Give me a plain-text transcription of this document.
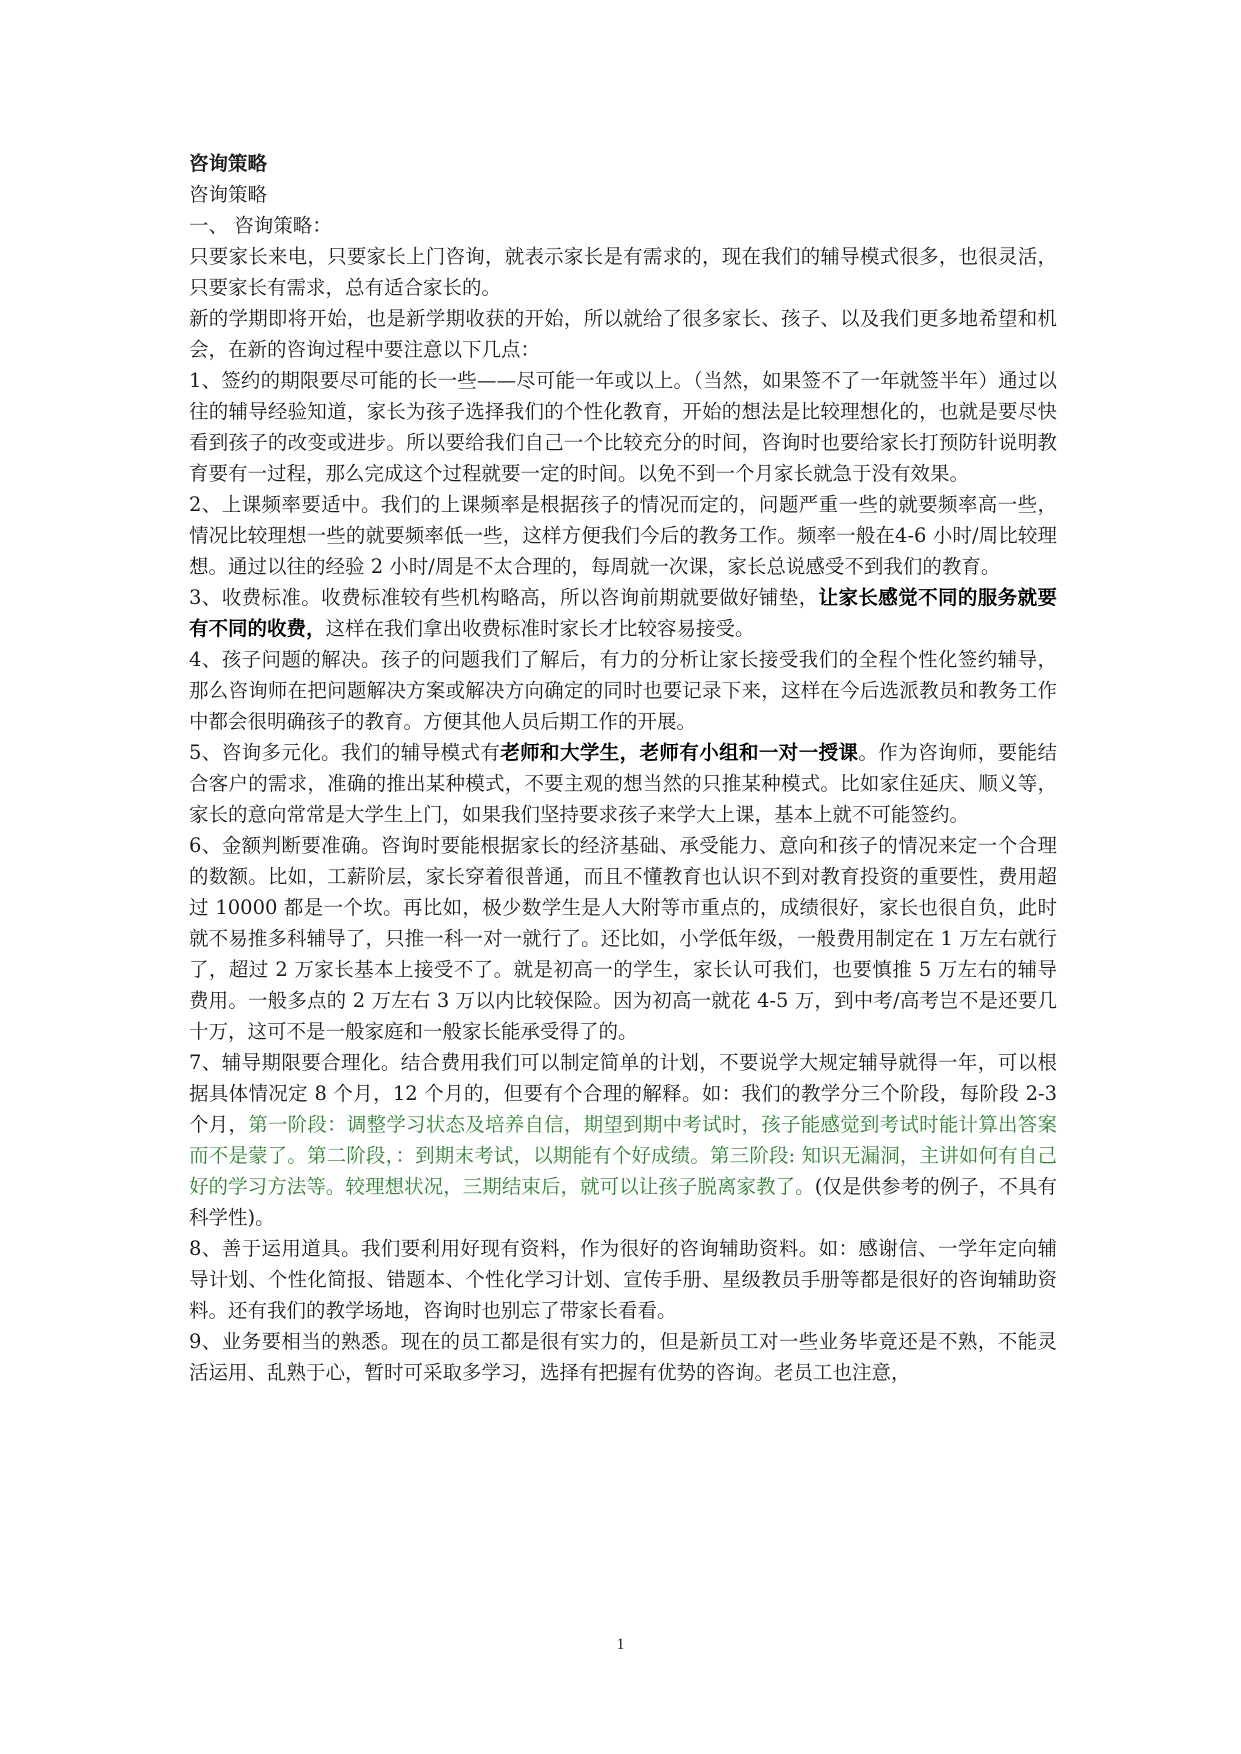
咨询策略

咨询策略

一、 咨询策略：

只要家长来电，只要家长上门咨询，就表示家长是有需求的，现在我们的辅导模式很多，也很灵活，只要家长有需求，总有适合家长的。

新的学期即将开始，也是新学期收获的开始，所以就给了很多家长、孩子、以及我们更多地希望和机会，在新的咨询过程中要注意以下几点：

1、签约的期限要尽可能的长一些——尽可能一年或以上。（当然，如果签不了一年就签半年）通过以往的辅导经验知道，家长为孩子选择我们的个性化教育，开始的想法是比较理想化的，也就是要尽快看到孩子的改变或进步。所以要给我们自己一个比较充分的时间，咨询时也要给家长打预防针说明教育要有一过程，那么完成这个过程就要一定的时间。以免不到一个月家长就急于没有效果。

2、上课频率要适中。我们的上课频率是根据孩子的情况而定的，问题严重一些的就要频率高一些，情况比较理想一些的就要频率低一些，这样方便我们今后的教务工作。频率一般在4-6 小时/周比较理想。通过以往的经验 2 小时/周是不太合理的，每周就一次课，家长总说感受不到我们的教育。

3、收费标准。收费标准较有些机构略高，所以咨询前期就要做好铺垫，让家长感觉不同的服务就要有不同的收费，这样在我们拿出收费标准时家长才比较容易接受。

4、孩子问题的解决。孩子的问题我们了解后，有力的分析让家长接受我们的全程个性化签约辅导，那么咨询师在把问题解决方案或解决方向确定的同时也要记录下来，这样在今后选派教员和教务工作中都会很明确孩子的教育。方便其他人员后期工作的开展。

5、咨询多元化。我们的辅导模式有老师和大学生，老师有小组和一对一授课。作为咨询师，要能结合客户的需求，准确的推出某种模式，不要主观的想当然的只推某种模式。比如家住延庆、顺义等，家长的意向常常是大学生上门，如果我们坚持要求孩子来学大上课，基本上就不可能签约。

6、金额判断要准确。咨询时要能根据家长的经济基础、承受能力、意向和孩子的情况来定一个合理的数额。比如，工薪阶层，家长穿着很普通，而且不懂教育也认识不到对教育投资的重要性，费用超过 10000 都是一个坎。再比如，极少数学生是人大附等市重点的，成绩很好，家长也很自负，此时就不易推多科辅导了，只推一科一对一就行了。还比如，小学低年级，一般费用制定在 1 万左右就行了，超过 2 万家长基本上接受不了。就是初高一的学生，家长认可我们，也要慎推 5 万左右的辅导费用。一般多点的 2 万左右 3 万以内比较保险。因为初高一就花 4-5 万，到中考/高考岂不是还要几十万，这可不是一般家庭和一般家长能承受得了的。

7、辅导期限要合理化。结合费用我们可以制定简单的计划，不要说学大规定辅导就得一年，可以根据具体情况定 8 个月，12 个月的，但要有个合理的解释。如：我们的教学分三个阶段，每阶段 2-3 个月，第一阶段：调整学习状态及培养自信，期望到期中考试时，孩子能感觉到考试时能计算出答案而不是蒙了。第二阶段，：到期末考试，以期能有个好成绩。第三阶段: 知识无漏洞，主讲如何有自己好的学习方法等。较理想状况，三期结束后，就可以让孩子脱离家教了。(仅是供参考的例子，不具有科学性)。

8、善于运用道具。我们要利用好现有资料，作为很好的咨询辅助资料。如：感谢信、一学年定向辅导计划、个性化简报、错题本、个性化学习计划、宣传手册、星级教员手册等都是很好的咨询辅助资料。还有我们的教学场地，咨询时也别忘了带家长看看。

9、业务要相当的熟悉。现在的员工都是很有实力的，但是新员工对一些业务毕竟还是不熟，不能灵活运用、乱熟于心，暂时可采取多学习，选择有把握有优势的咨询。老员工也注意，

1
